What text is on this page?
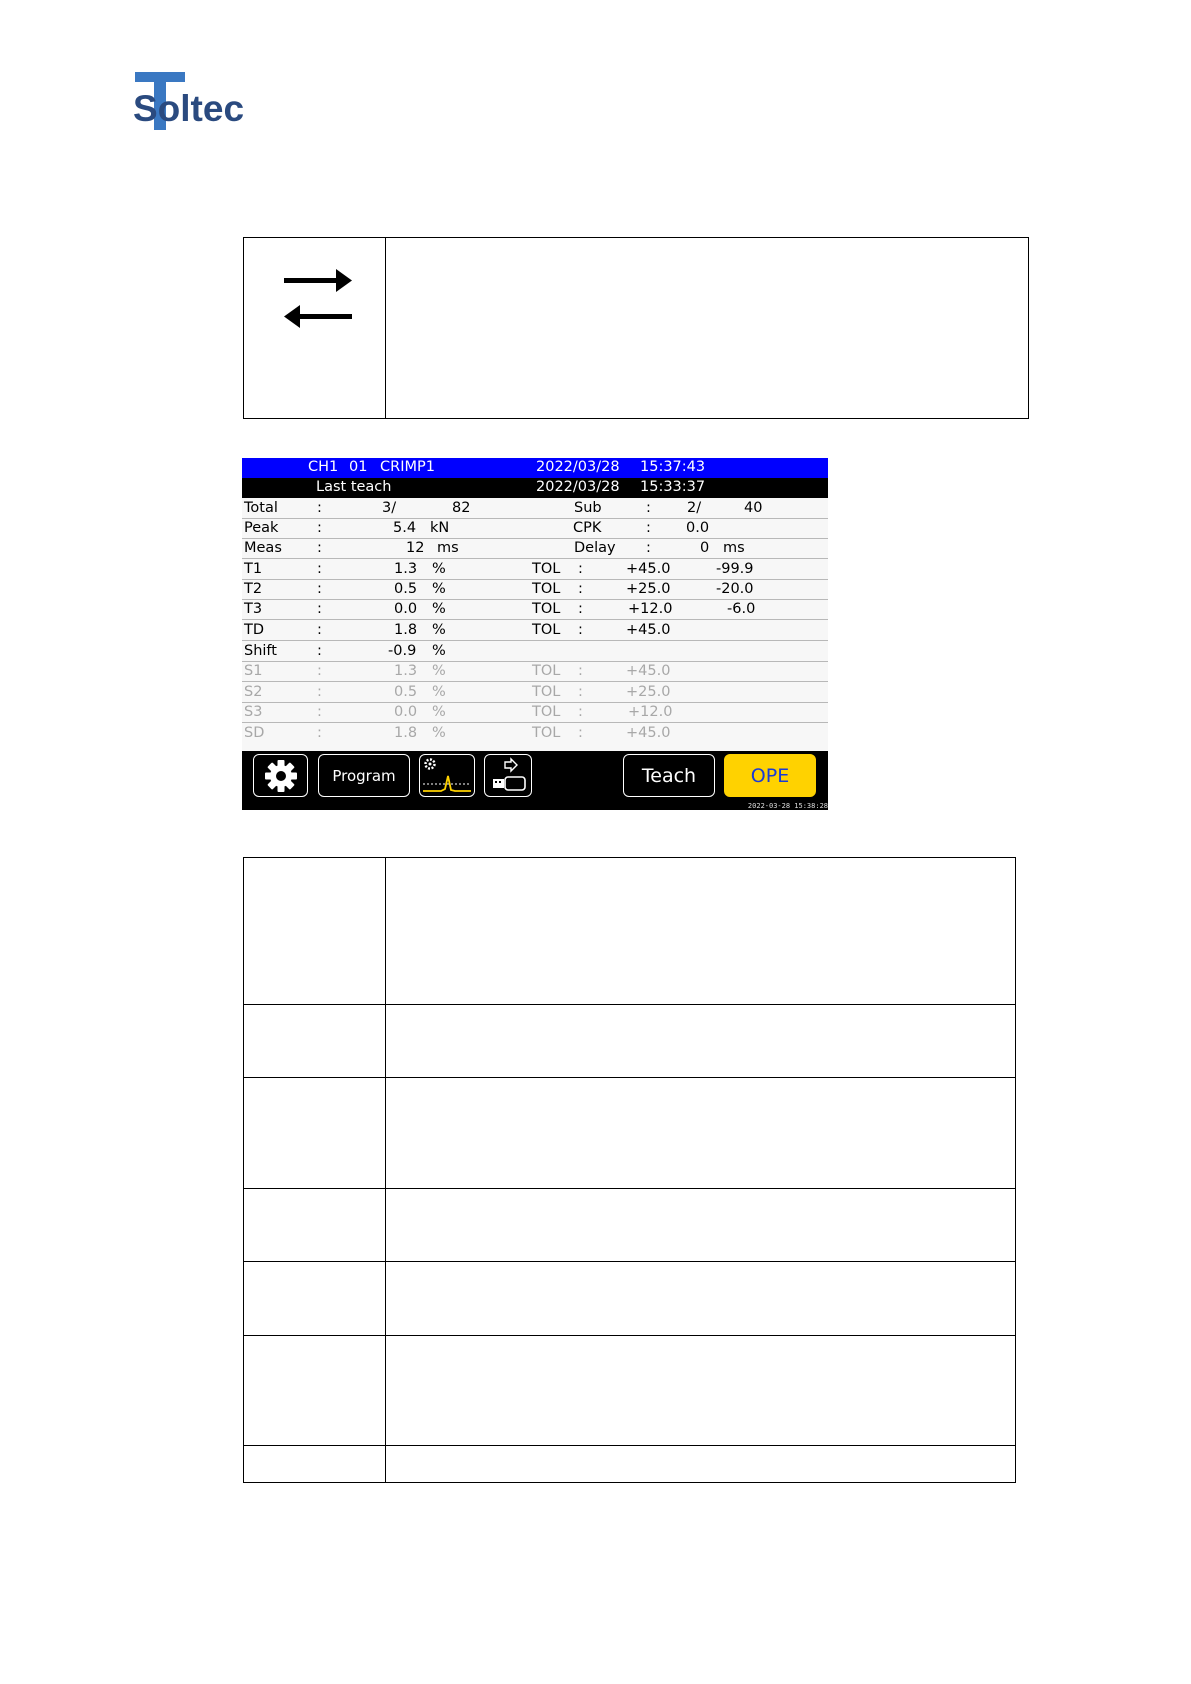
Soltec
CH1 01 CRIMP1	2022/03/28 15:37:43
Last teach	2022/03/28 15:33:37
Total	:	3/	82	Sub	: 2/	40
Peak	:	5.4 kN	CPK	: 0.0
Meas :	12 ms	Delay :	0 ms
T1	:	1.3 %	TOL :	+45.0	-99.9
T2	:	0.5 %	TOL :	+25.0	-20.0
T3	:	0.0 %	TOL :	+12.0	-6.0
TD	:	1.8 %	TOL :	+45.0
Shift	:	-0.9 %
S1	:	1.3 %	TOL :	+45.0
S2	:	0.5 %	TOL :	+25.0
S3	:	0.0 %	TOL :	+12.0
SD	:	1.8 %	TOL :	+45.0
Program	Teach	OPE
2022-03-28 15:38:28
